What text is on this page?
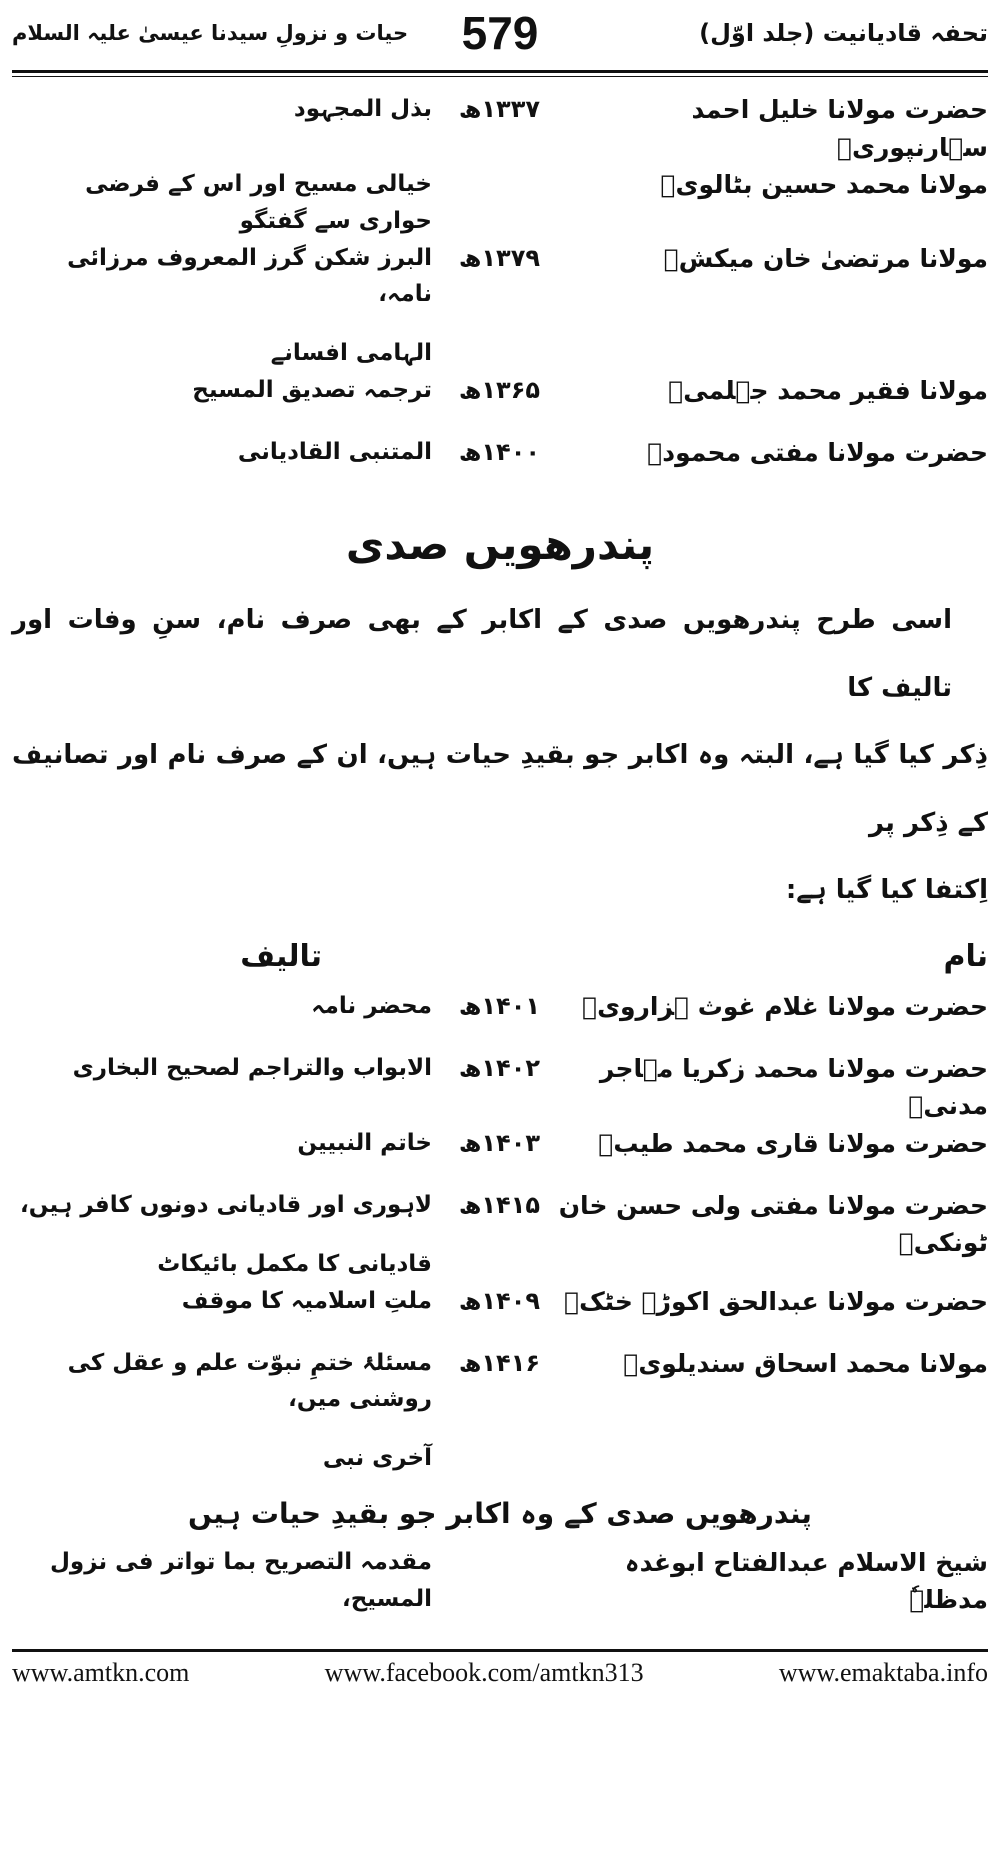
تحفہ قادیانیت (جلد اوّل)
579
حیات و نزولِ سیدنا عیسیٰ علیہ السلام
حضرت مولانا خلیل احمد سہارنپوریؒ
۱۳۳۷ھ
بذل المجہود
مولانا محمد حسین بٹالویؒ
خیالی مسیح اور اس کے فرضی حواری سے گفتگو
مولانا مرتضیٰ خان میکشؒ
۱۳۷۹ھ
البرز شکن گرز المعروف مرزائی نامہ،
الہامی افسانے
مولانا فقیر محمد جہلمیؒ
۱۳۶۵ھ
ترجمہ تصدیق المسیح
حضرت مولانا مفتی محمودؒ
۱۴۰۰ھ
المتنبی القادیانی
پندرھویں صدی
اسی طرح پندرھویں صدی کے اکابر کے بھی صرف نام، سنِ وفات اور تالیف کا
ذِکر کیا گیا ہے، البتہ وہ اکابر جو بقیدِ حیات ہیں، ان کے صرف نام اور تصانیف کے ذِکر پر
اِکتفا کیا گیا ہے:
نام
تالیف
حضرت مولانا غلام غوث ہزارویؒ
۱۴۰۱ھ
محضر نامہ
حضرت مولانا محمد زکریا مہاجر مدنیؒ
۱۴۰۲ھ
الابواب والتراجم لصحیح البخاری
حضرت مولانا قاری محمد طیبؒ
۱۴۰۳ھ
خاتم النبیین
حضرت مولانا مفتی ولی حسن خان ٹونکیؒ
۱۴۱۵ھ
لاہوری اور قادیانی دونوں کافر ہیں،
قادیانی کا مکمل بائیکاٹ
حضرت مولانا عبدالحق اکوڑہ خٹکؒ
۱۴۰۹ھ
ملتِ اسلامیہ کا موقف
مولانا محمد اسحاق سندیلویؒ
۱۴۱۶ھ
مسئلۂ ختمِ نبوّت علم و عقل کی روشنی میں،
آخری نبی
پندرھویں صدی کے وہ اکابر جو بقیدِ حیات ہیں
شیخ الاسلام عبدالفتاح ابوغدہ مدظلہٗ
مقدمہ التصریح بما تواتر فی نزول المسیح،
www.amtkn.com	www.facebook.com/amtkn313	www.emaktaba.info
